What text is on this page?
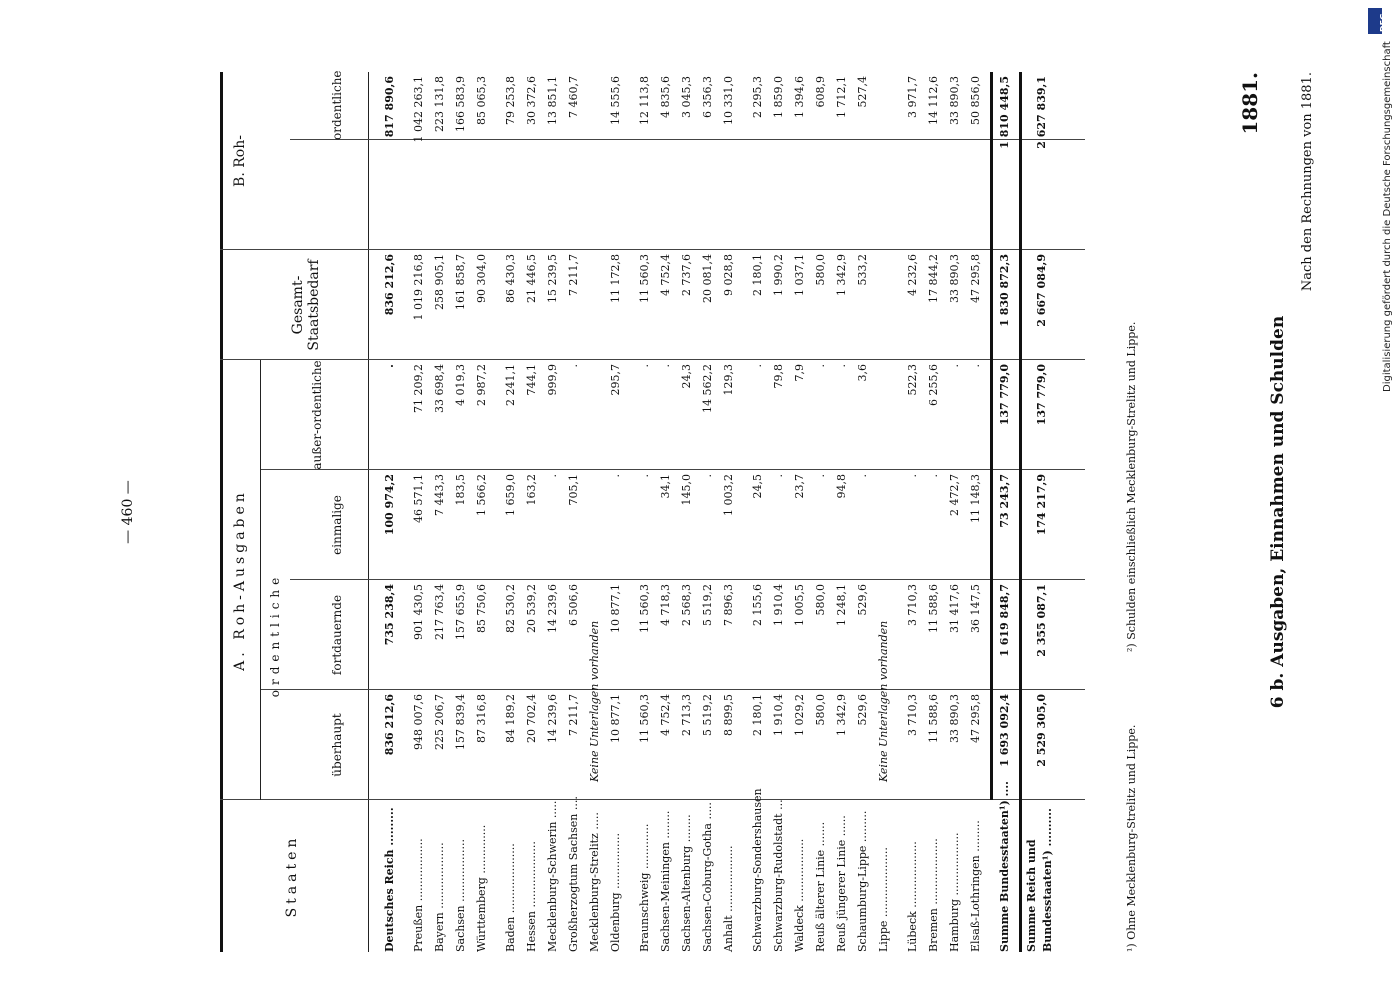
— 460 —
Staaten
A. Roh-Ausgaben ordentliche
überhaupt
fortdauernde
einmalige
außer-ordentliche
Gesamt-Staatsbedarf
B. Roh-
ordentliche
Deutsches Reich ..........
836 212,6
735 238,4
100 974,2
.
836 212,6
817 890,6
Preußen ..................
948 007,6
901 430,5
46 571,1
71 209,2
1 019 216,8
1 042 263,1
Bayern ...................
225 206,7
217 763,4
7 443,3
33 698,4
258 905,1
223 131,8
Sachsen ..................
157 839,4
157 655,9
183,5
4 019,3
161 858,7
166 583,9
Württemberg ..............
87 316,8
85 750,6
1 566,2
2 987,2
90 304,0
85 065,3
Baden ....................
84 189,2
82 530,2
1 659,0
2 241,1
86 430,3
79 253,8
Hessen ...................
20 702,4
20 539,2
163,2
744,1
21 446,5
30 372,6
Mecklenburg-Schwerin .....
14 239,6
14 239,6
.
999,9
15 239,5
13 851,1
Großherzogtum Sachsen ....
7 211,7
6 506,6
705,1
.
7 211,7
7 460,7
Mecklenburg-Strelitz .....
Keine Unterlagen vorhanden
Oldenburg ................
10 877,1
10 877,1
.
295,7
11 172,8
14 555,6
Braunschweig .............
11 560,3
11 560,3
.
.
11 560,3
12 113,8
Sachsen-Meiningen ........
4 752,4
4 718,3
34,1
.
4 752,4
4 835,6
Sachsen-Altenburg ........
2 713,3
2 568,3
145,0
24,3
2 737,6
3 045,3
Sachsen-Coburg-Gotha .....
5 519,2
5 519,2
.
14 562,2
20 081,4
6 356,3
Anhalt ...................
8 899,5
7 896,3
1 003,2
129,3
9 028,8
10 331,0
Schwarzburg-Sondershausen
2 180,1
2 155,6
24,5
.
2 180,1
2 295,3
Schwarzburg-Rudolstadt ...
1 910,4
1 910,4
.
79,8
1 990,2
1 859,0
Waldeck ..................
1 029,2
1 005,5
23,7
7,9
1 037,1
1 394,6
Reuß älterer Linie .......
580,0
580,0
.
.
580,0
608,9
Reuß jüngerer Linie ......
1 342,9
1 248,1
94,8
.
1 342,9
1 712,1
Schaumburg-Lippe .........
529,6
529,6
.
3,6
533,2
527,4
Lippe ....................
Keine Unterlagen vorhanden
Lübeck ...................
3 710,3
3 710,3
.
522,3
4 232,6
3 971,7
Bremen ...................
11 588,6
11 588,6
.
6 255,6
17 844,2
14 112,6
Hamburg ..................
33 890,3
31 417,6
2 472,7
.
33 890,3
33 890,3
Elsaß-Lothringen .........
47 295,8
36 147,5
11 148,3
.
47 295,8
50 856,0
Summe Bundesstaaten¹) ....
1 693 092,4
1 619 848,7
73 243,7
137 779,0
1 830 872,3
1 810 448,5
Summe Reich und Bundesstaaten¹) ..........
2 529 305,0
2 355 087,1
174 217,9
137 779,0
2 667 084,9
2 627 839,1
¹) Ohne Mecklenburg-Strelitz und Lippe.
²) Schulden einschließlich Mecklenburg-Strelitz und Lippe.
1881.
6 b. Ausgaben, Einnahmen und Schulden
Nach den Rechnungen von 1881.
DFG
Digitalisierung gefördert durch die Deutsche Forschungsgemeinschaft
